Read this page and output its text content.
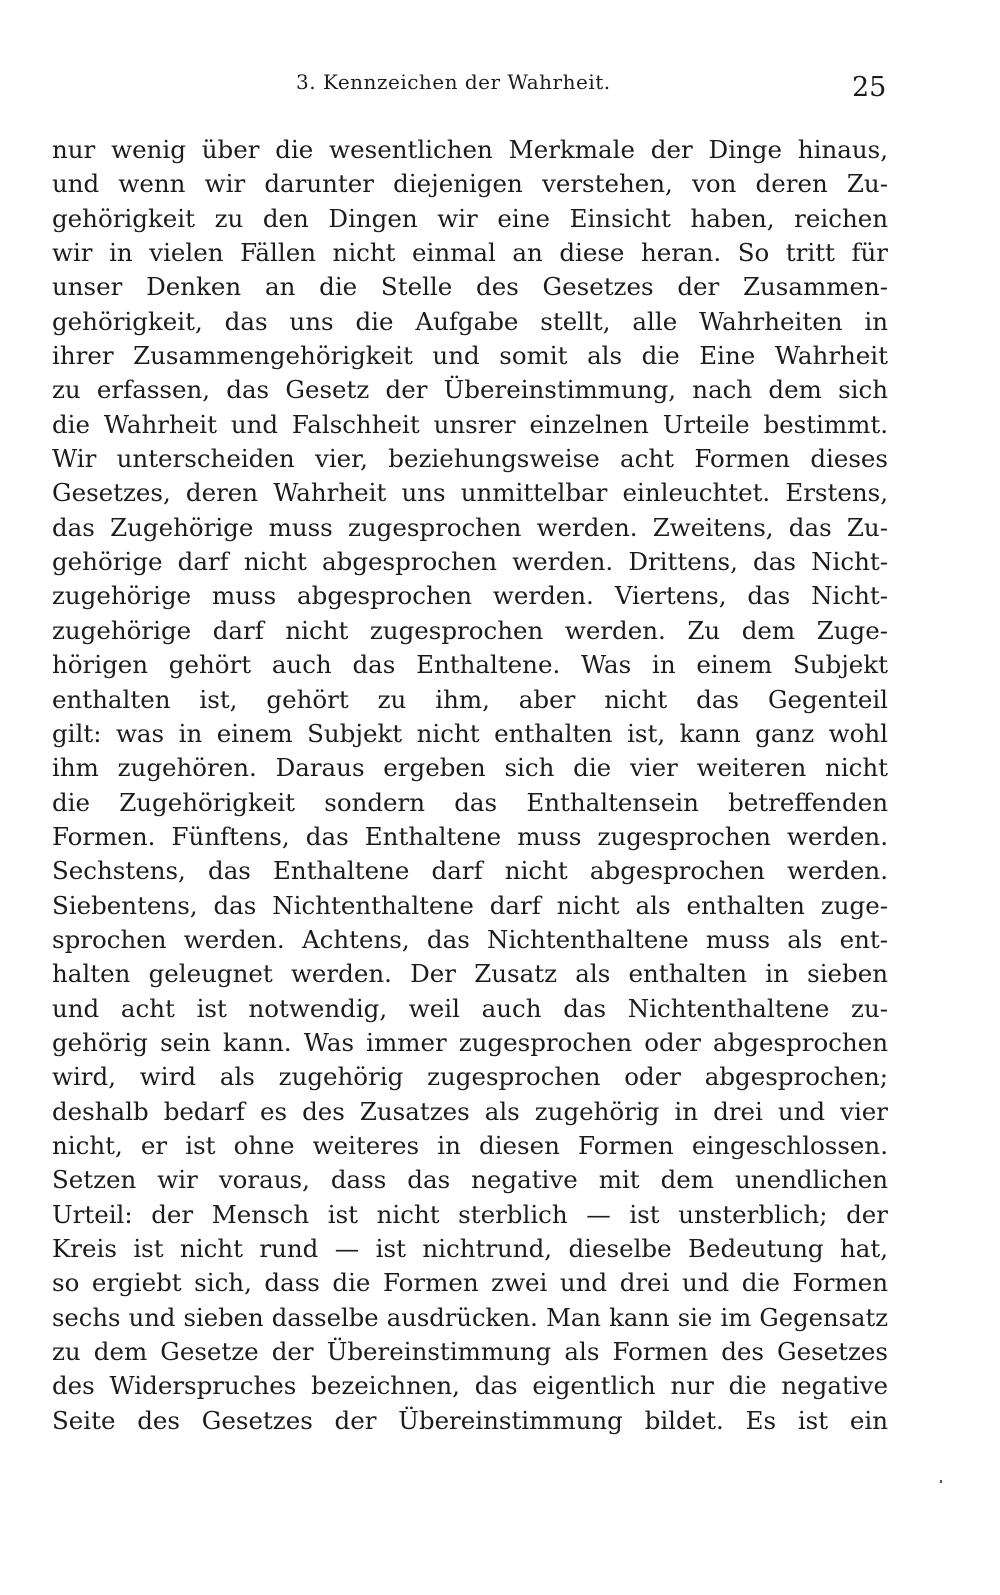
3. Kennzeichen der Wahrheit.	25
nur wenig über die wesentlichen Merkmale der Dinge hinaus,
und wenn wir darunter diejenigen verstehen, von deren Zu-
gehörigkeit zu den Dingen wir eine Einsicht haben, reichen
wir in vielen Fällen nicht einmal an diese heran. So tritt für
unser Denken an die Stelle des Gesetzes der Zusammen-
gehörigkeit, das uns die Aufgabe stellt, alle Wahrheiten in
ihrer Zusammengehörigkeit und somit als die Eine Wahrheit
zu erfassen, das Gesetz der Übereinstimmung, nach dem sich
die Wahrheit und Falschheit unsrer einzelnen Urteile bestimmt.
Wir unterscheiden vier, beziehungsweise acht Formen dieses
Gesetzes, deren Wahrheit uns unmittelbar einleuchtet. Erstens,
das Zugehörige muss zugesprochen werden. Zweitens, das Zu-
gehörige darf nicht abgesprochen werden. Drittens, das Nicht-
zugehörige muss abgesprochen werden. Viertens, das Nicht-
zugehörige darf nicht zugesprochen werden. Zu dem Zuge-
hörigen gehört auch das Enthaltene. Was in einem Subjekt
enthalten ist, gehört zu ihm, aber nicht das Gegenteil
gilt: was in einem Subjekt nicht enthalten ist, kann ganz wohl
ihm zugehören. Daraus ergeben sich die vier weiteren nicht
die Zugehörigkeit sondern das Enthaltensein betreffenden
Formen. Fünftens, das Enthaltene muss zugesprochen werden.
Sechstens, das Enthaltene darf nicht abgesprochen werden.
Siebentens, das Nichtenthaltene darf nicht als enthalten zuge-
sprochen werden. Achtens, das Nichtenthaltene muss als ent-
halten geleugnet werden. Der Zusatz als enthalten in sieben
und acht ist notwendig, weil auch das Nichtenthaltene zu-
gehörig sein kann. Was immer zugesprochen oder abgesprochen
wird, wird als zugehörig zugesprochen oder abgesprochen;
deshalb bedarf es des Zusatzes als zugehörig in drei und vier
nicht, er ist ohne weiteres in diesen Formen eingeschlossen.
Setzen wir voraus, dass das negative mit dem unendlichen
Urteil: der Mensch ist nicht sterblich — ist unsterblich; der
Kreis ist nicht rund — ist nichtrund, dieselbe Bedeutung hat,
so ergiebt sich, dass die Formen zwei und drei und die Formen
sechs und sieben dasselbe ausdrücken. Man kann sie im Gegensatz
zu dem Gesetze der Übereinstimmung als Formen des Gesetzes
des Widerspruches bezeichnen, das eigentlich nur die negative
Seite des Gesetzes der Übereinstimmung bildet. Es ist ein
